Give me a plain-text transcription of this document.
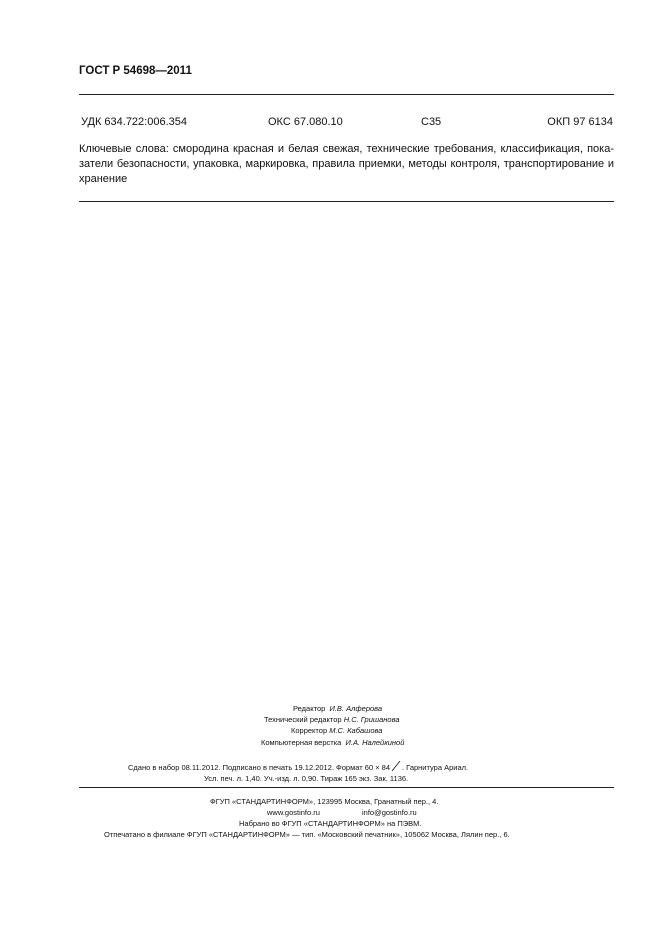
ГОСТ Р 54698—2011
УДК 634.722:006.354	ОКС 67.080.10	С35	ОКП 97 6134
Ключевые слова: смородина красная и белая свежая, технические требования, классификация, пока-
затели безопасности, упаковка, маркировка, правила приемки, методы контроля, транспортирование и
хранение
Редактор И.В. Алферова
Технический редактор Н.С. Гришанова
Корректор М.С. Кабашова
Компьютерная верстка И.А. Налейкиной
Сдано в набор 08.11.2012. Подписано в печать 19.12.2012. Формат 60 × 84 . Гарнитура Ариал.
Усл. печ. л. 1,40. Уч.-изд. л. 0,90. Тираж 165 экз. Зак. 1136.
ФГУП «СТАНДАРТИНФОРМ», 123995 Москва, Гранатный пер., 4.
www.gostinfo.ru	info@gostinfo.ru
Набрано во ФГУП «СТАНДАРТИНФОРМ» на ПЭВМ.
Отпечатано в филиале ФГУП «СТАНДАРТИНФОРМ» — тип. «Московский печатник», 105062 Москва, Лялин пер., 6.
